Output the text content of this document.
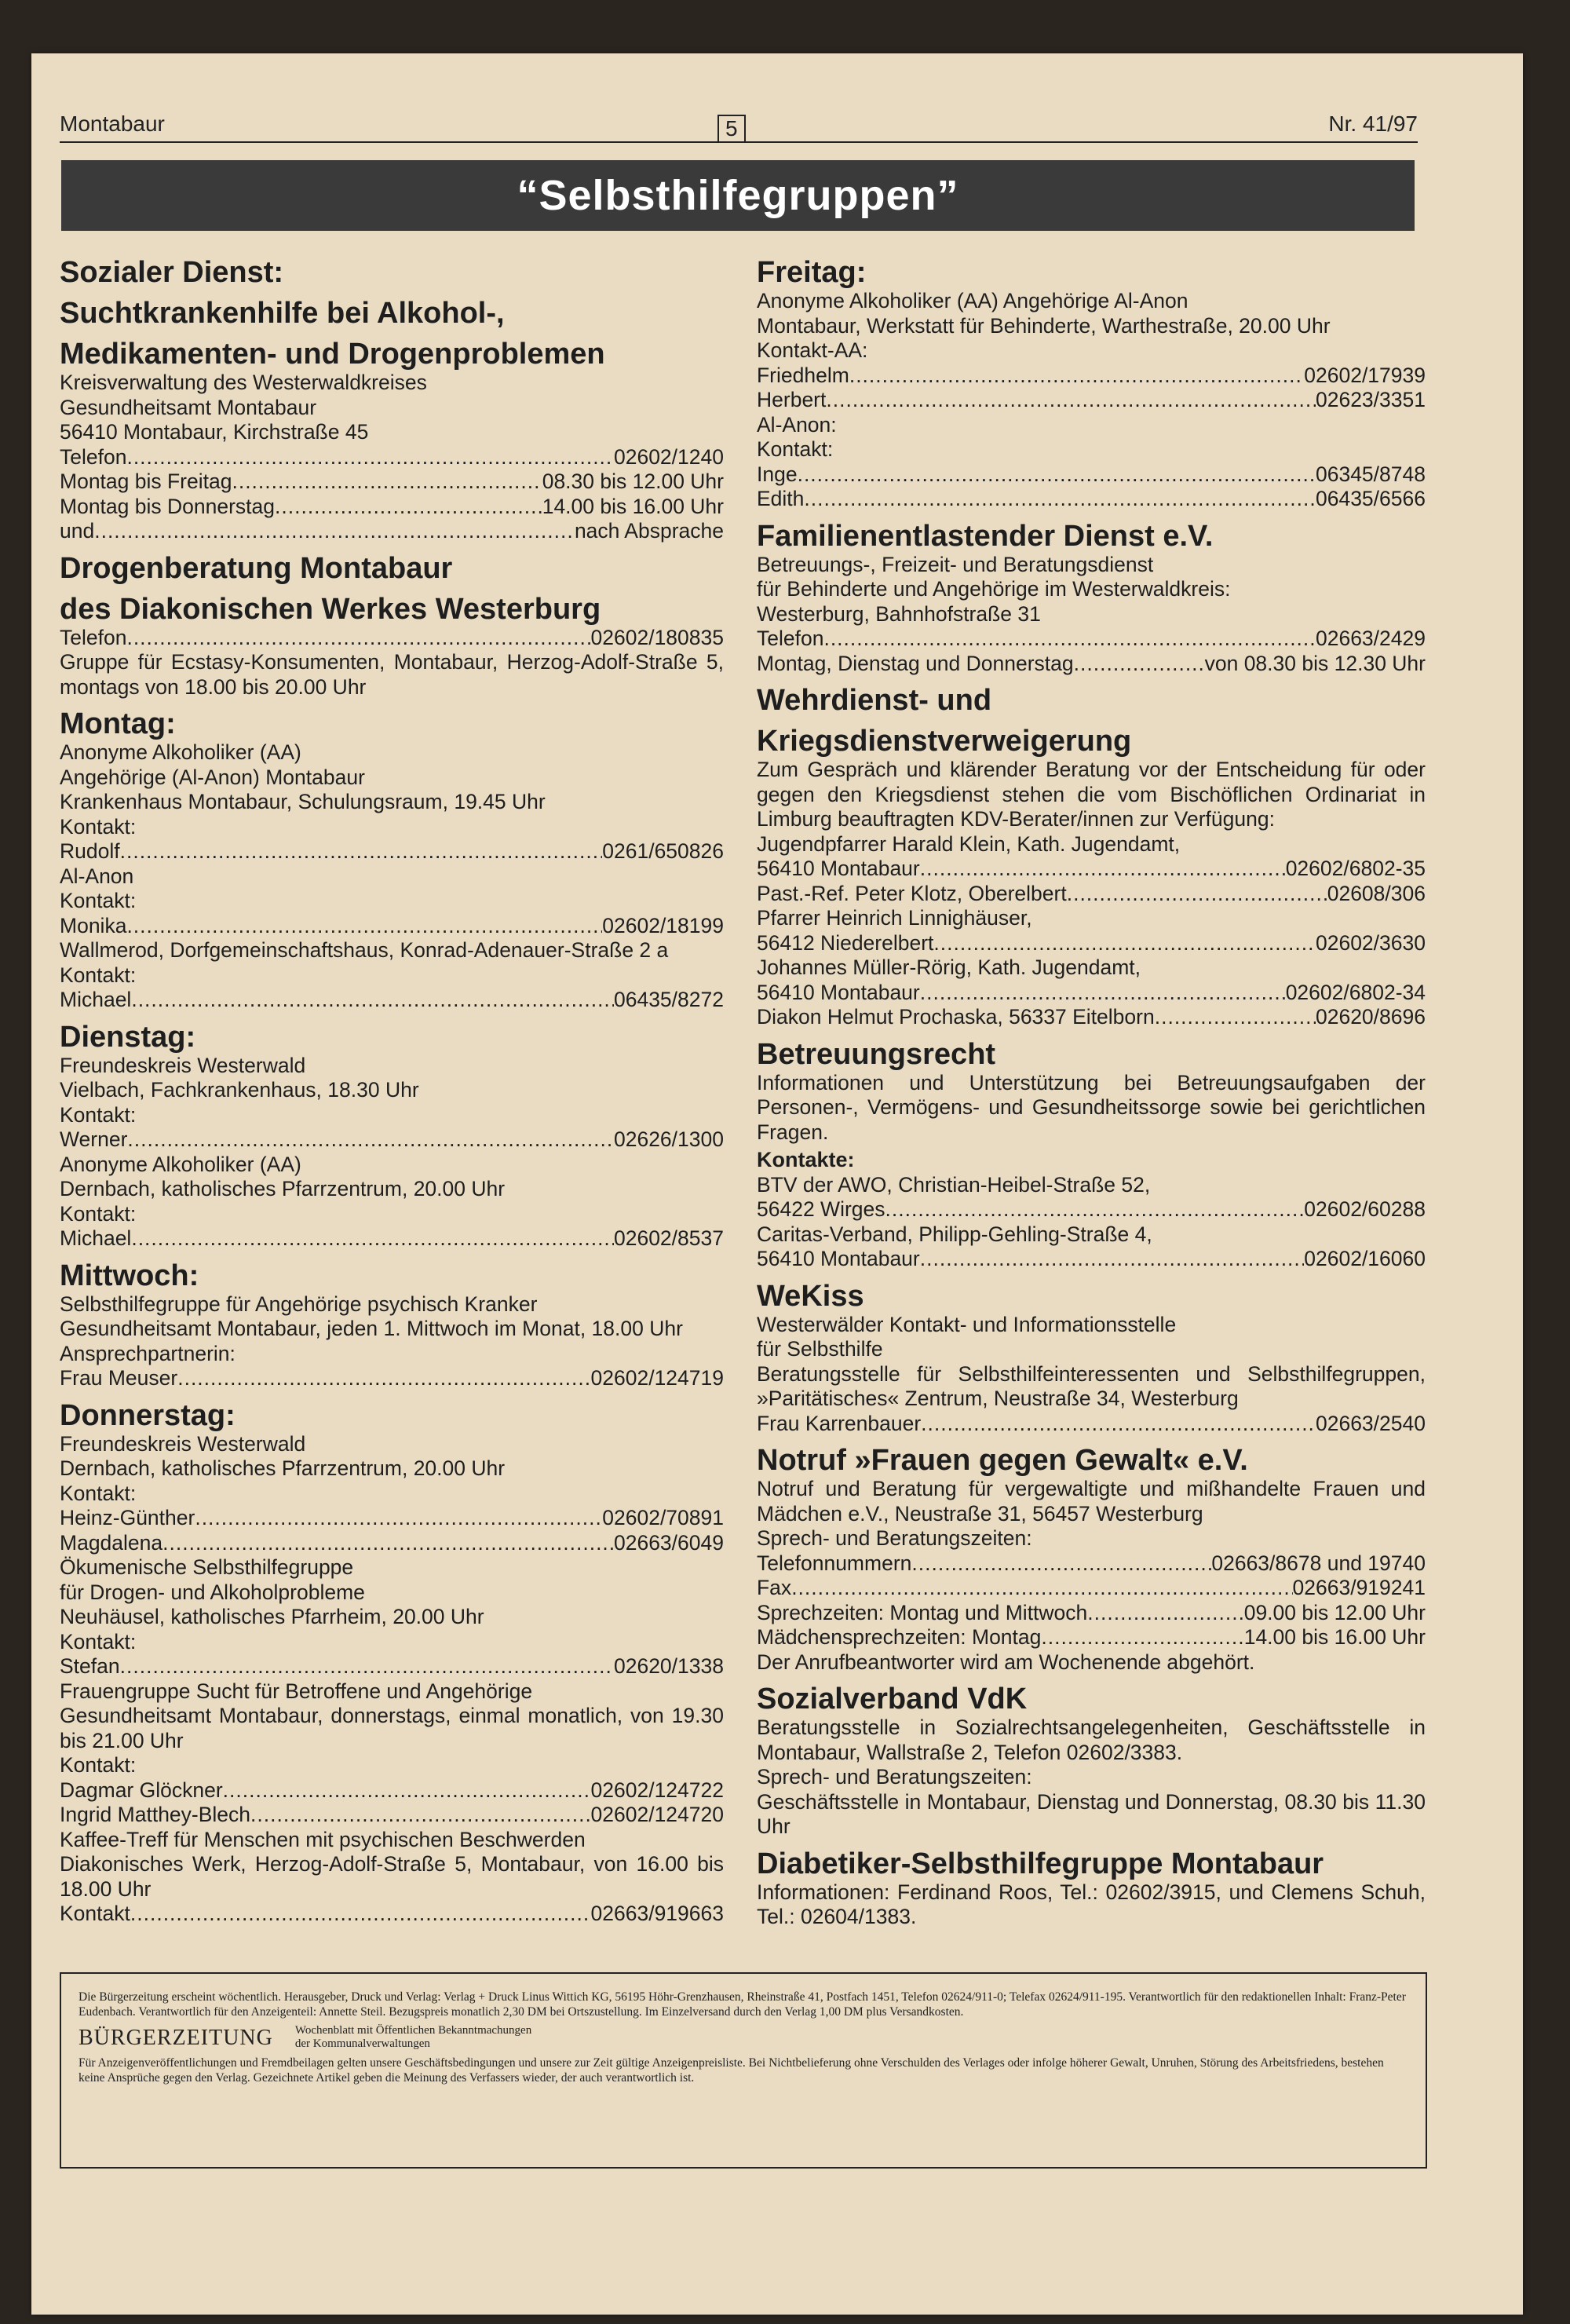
Montabaur	5	Nr. 41/97
“Selbsthilfegruppen”
Sozialer Dienst:
Suchtkrankenhilfe bei Alkohol-,
Medikamenten- und Drogenproblemen
Kreisverwaltung des Westerwaldkreises
Gesundheitsamt Montabaur
56410 Montabaur, Kirchstraße 45
Telefon .....	02602/1240
Montag bis Freitag .....	08.30 bis 12.00 Uhr
Montag bis Donnerstag .....	14.00 bis 16.00 Uhr
und .....	nach Absprache
Drogenberatung Montabaur
des Diakonischen Werkes Westerburg
Telefon .....	02602/180835
Gruppe für Ecstasy-Konsumenten, Montabaur, Herzog-Adolf-Straße 5, montags von 18.00 bis 20.00 Uhr
Montag:
Anonyme Alkoholiker (AA)
Angehörige (Al-Anon) Montabaur
Krankenhaus Montabaur, Schulungsraum, 19.45 Uhr
Kontakt:
Rudolf .....	0261/650826
Al-Anon
Kontakt:
Monika .....	02602/18199
Wallmerod, Dorfgemeinschaftshaus, Konrad-Adenauer-Straße 2 a
Kontakt:
Michael .....	06435/8272
Dienstag:
Freundeskreis Westerwald
Vielbach, Fachkrankenhaus, 18.30 Uhr
Kontakt:
Werner .....	02626/1300
Anonyme Alkoholiker (AA)
Dernbach, katholisches Pfarrzentrum, 20.00 Uhr
Kontakt:
Michael .....	02602/8537
Mittwoch:
Selbsthilfegruppe für Angehörige psychisch Kranker
Gesundheitsamt Montabaur, jeden 1. Mittwoch im Monat, 18.00 Uhr
Ansprechpartnerin:
Frau Meuser .....	02602/124719
Donnerstag:
Freundeskreis Westerwald
Dernbach, katholisches Pfarrzentrum, 20.00 Uhr
Kontakt:
Heinz-Günther .....	02602/70891
Magdalena .....	02663/6049
Ökumenische Selbsthilfegruppe
für Drogen- und Alkoholprobleme
Neuhäusel, katholisches Pfarrheim, 20.00 Uhr
Kontakt:
Stefan .....	02620/1338
Frauengruppe Sucht für Betroffene und Angehörige
Gesundheitsamt Montabaur, donnerstags, einmal monatlich, von 19.30 bis 21.00 Uhr
Kontakt:
Dagmar Glöckner .....	02602/124722
Ingrid Matthey-Blech .....	02602/124720
Kaffee-Treff für Menschen mit psychischen Beschwerden
Diakonisches Werk, Herzog-Adolf-Straße 5, Montabaur, von 16.00 bis 18.00 Uhr
Kontakt .....	02663/919663
Freitag:
Anonyme Alkoholiker (AA) Angehörige Al-Anon
Montabaur, Werkstatt für Behinderte, Warthestraße, 20.00 Uhr
Kontakt-AA:
Friedhelm .....	02602/17939
Herbert .....	02623/3351
Al-Anon:
Kontakt:
Inge .....	06345/8748
Edith .....	06435/6566
Familienentlastender Dienst e.V.
Betreuungs-, Freizeit- und Beratungsdienst
für Behinderte und Angehörige im Westerwaldkreis:
Westerburg, Bahnhofstraße 31
Telefon .....	02663/2429
Montag, Dienstag und Donnerstag .....	von 08.30 bis 12.30 Uhr
Wehrdienst- und
Kriegsdienstverweigerung
Zum Gespräch und klärender Beratung vor der Entscheidung für oder gegen den Kriegsdienst stehen die vom Bischöflichen Ordinariat in Limburg beauftragten KDV-Berater/innen zur Verfügung:
Jugendpfarrer Harald Klein, Kath. Jugendamt,
56410 Montabaur .....	02602/6802-35
Past.-Ref. Peter Klotz, Oberelbert .....	02608/306
Pfarrer Heinrich Linnighäuser,
56412 Niederelbert .....	02602/3630
Johannes Müller-Rörig, Kath. Jugendamt,
56410 Montabaur .....	02602/6802-34
Diakon Helmut Prochaska, 56337 Eitelborn .....	02620/8696
Betreuungsrecht
Informationen und Unterstützung bei Betreuungsaufgaben der Personen-, Vermögens- und Gesundheitssorge sowie bei gerichtlichen Fragen.
Kontakte:
BTV der AWO, Christian-Heibel-Straße 52,
56422 Wirges .....	02602/60288
Caritas-Verband, Philipp-Gehling-Straße 4,
56410 Montabaur .....	02602/16060
WeKiss
Westerwälder Kontakt- und Informationsstelle
für Selbsthilfe
Beratungsstelle für Selbsthilfeinteressenten und Selbsthilfegruppen, »Paritätisches« Zentrum, Neustraße 34, Westerburg
Frau Karrenbauer .....	02663/2540
Notruf »Frauen gegen Gewalt« e.V.
Notruf und Beratung für vergewaltigte und mißhandelte Frauen und Mädchen e.V., Neustraße 31, 56457 Westerburg
Sprech- und Beratungszeiten:
Telefonnummern .....	02663/8678 und 19740
Fax .....	02663/919241
Sprechzeiten: Montag und Mittwoch .....	09.00 bis 12.00 Uhr
Mädchensprechzeiten: Montag .....	14.00 bis 16.00 Uhr
Der Anrufbeantworter wird am Wochenende abgehört.
Sozialverband VdK
Beratungsstelle in Sozialrechtsangelegenheiten, Geschäftsstelle in Montabaur, Wallstraße 2, Telefon 02602/3383.
Sprech- und Beratungszeiten:
Geschäftsstelle in Montabaur, Dienstag und Donnerstag, 08.30 bis 11.30 Uhr
Diabetiker-Selbsthilfegruppe Montabaur
Informationen: Ferdinand Roos, Tel.: 02602/3915, und Clemens Schuh, Tel.: 02604/1383.
Die Bürgerzeitung erscheint wöchentlich. Herausgeber, Druck und Verlag: Verlag + Druck Linus Wittich KG, 56195 Höhr-Grenzhausen, Rheinstraße 41, Postfach 1451, Telefon 02624/911-0; Telefax 02624/911-195. Verantwortlich für den redaktionellen Inhalt: Franz-Peter Eudenbach. Verantwortlich für den Anzeigenteil: Annette Steil. Bezugspreis monatlich 2,30 DM bei Ortszustellung. Im Einzelversand durch den Verlag 1,00 DM plus Versandkosten.
BÜRGERZEITUNG Wochenblatt mit Öffentlichen Bekanntmachungen
der Kommunalverwaltungen
Für Anzeigenveröffentlichungen und Fremdbeilagen gelten unsere Geschäftsbedingungen und unsere zur Zeit gültige Anzeigenpreisliste. Bei Nichtbelieferung ohne Verschulden des Verlages oder infolge höherer Gewalt, Unruhen, Störung des Arbeitsfriedens, bestehen keine Ansprüche gegen den Verlag. Gezeichnete Artikel geben die Meinung des Verfassers wieder, der auch verantwortlich ist.
